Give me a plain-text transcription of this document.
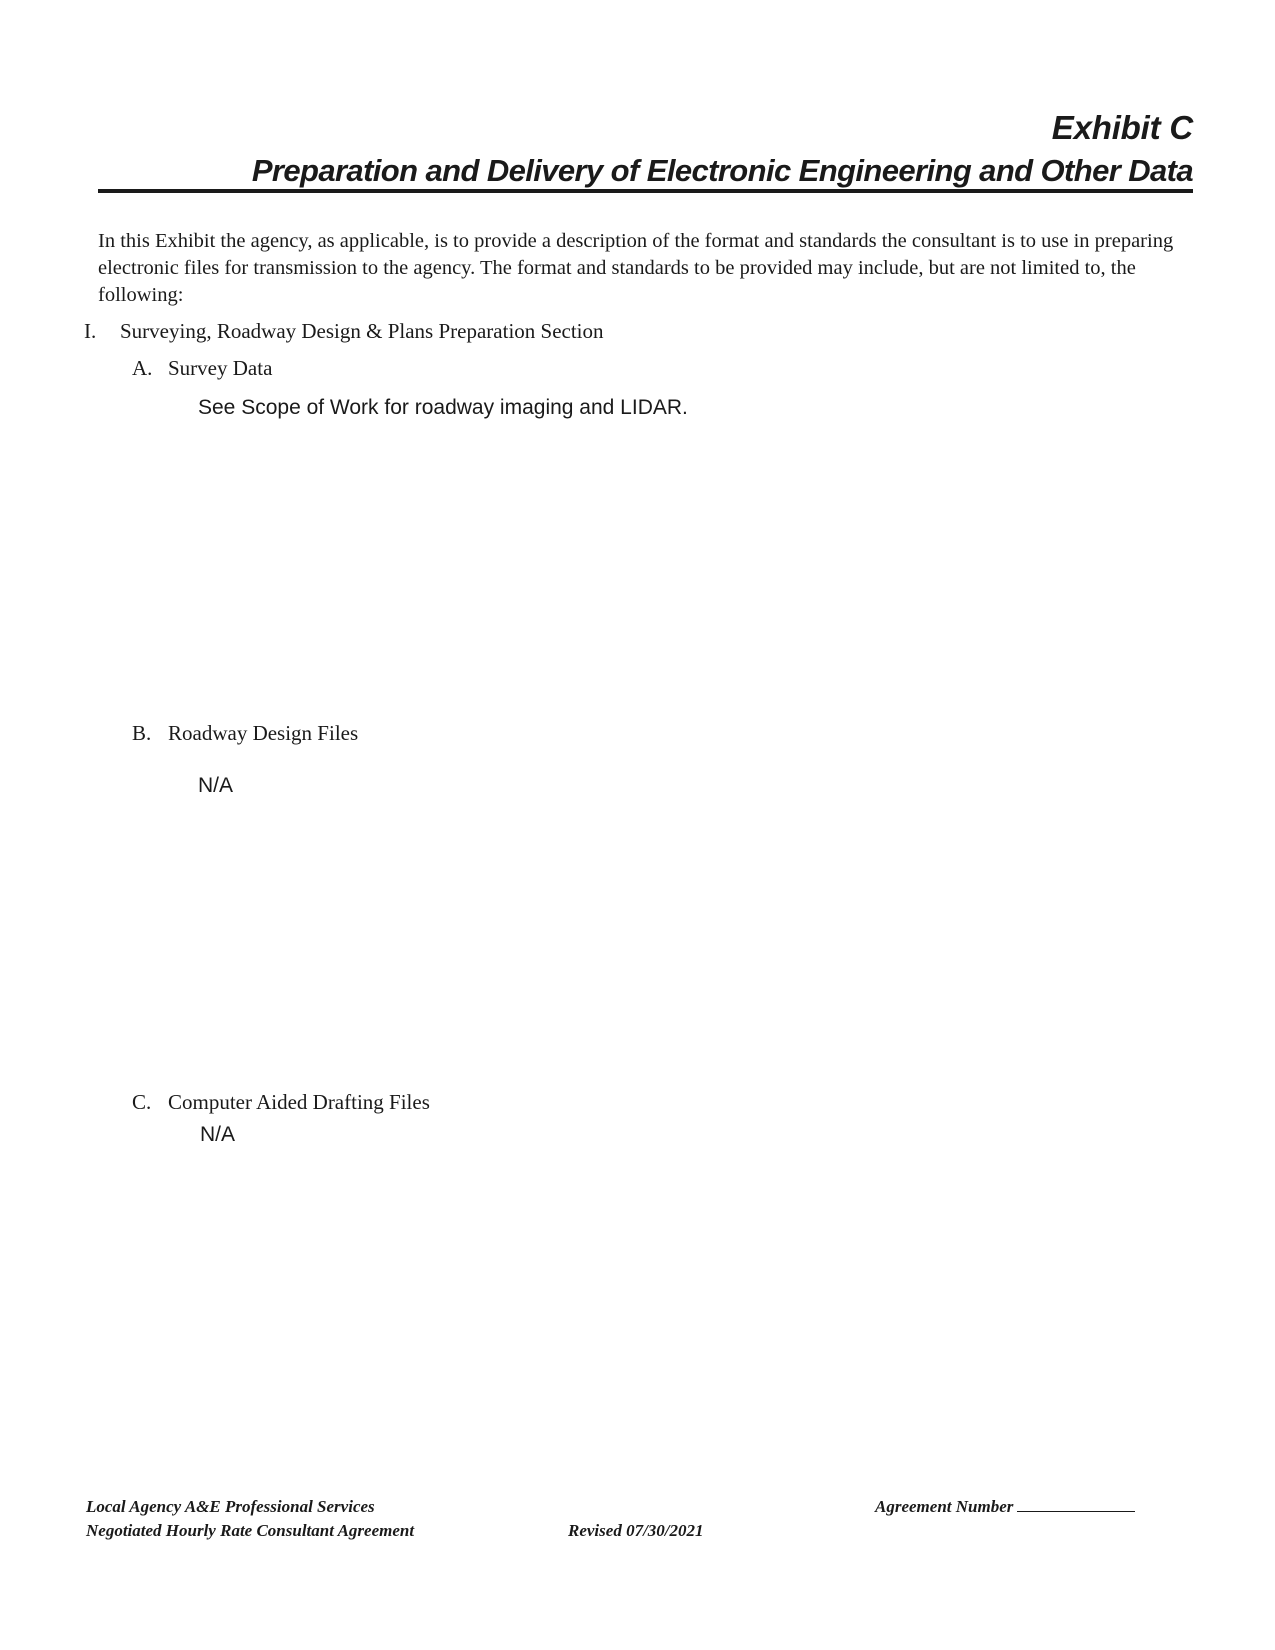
Exhibit C
Preparation and Delivery of Electronic Engineering and Other Data
In this Exhibit the agency, as applicable, is to provide a description of the format and standards the consultant is to use in preparing electronic files for transmission to the agency. The format and standards to be provided may include, but are not limited to, the following:
I. Surveying, Roadway Design & Plans Preparation Section
A. Survey Data
See Scope of Work for roadway imaging and LIDAR.
B. Roadway Design Files
N/A
C. Computer Aided Drafting Files
N/A
Local Agency A&E Professional Services
Negotiated Hourly Rate Consultant Agreement	Revised 07/30/2021
Agreement Number
